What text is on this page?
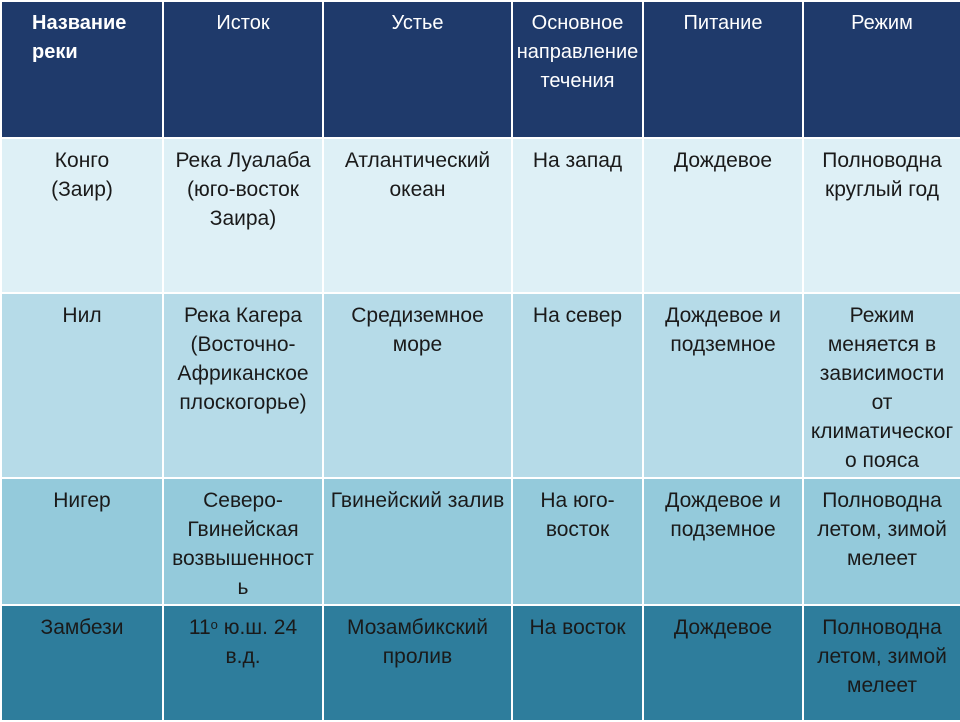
Название реки	Исток	Устье	Основное направление течения	Питание	Режим
Конго (Заир)	Река Луалаба (юго-восток Заира)	Атлантический океан	На запад	Дождевое	Полноводна круглый год
Нил	Река Кагера (Восточно-Африканское плоскогорье)	Средиземное море	На север	Дождевое и подземное	Режим меняется в зависимости от климатического пояса
Нигер	Северо-Гвинейская возвышенность	Гвинейский залив	На юго-восток	Дождевое и подземное	Полноводна летом, зимой мелеет
Замбези	11$^o$ ю.ш. 24 в.д.	Мозамбикский пролив	На восток	Дождевое	Полноводна летом, зимой мелеет
